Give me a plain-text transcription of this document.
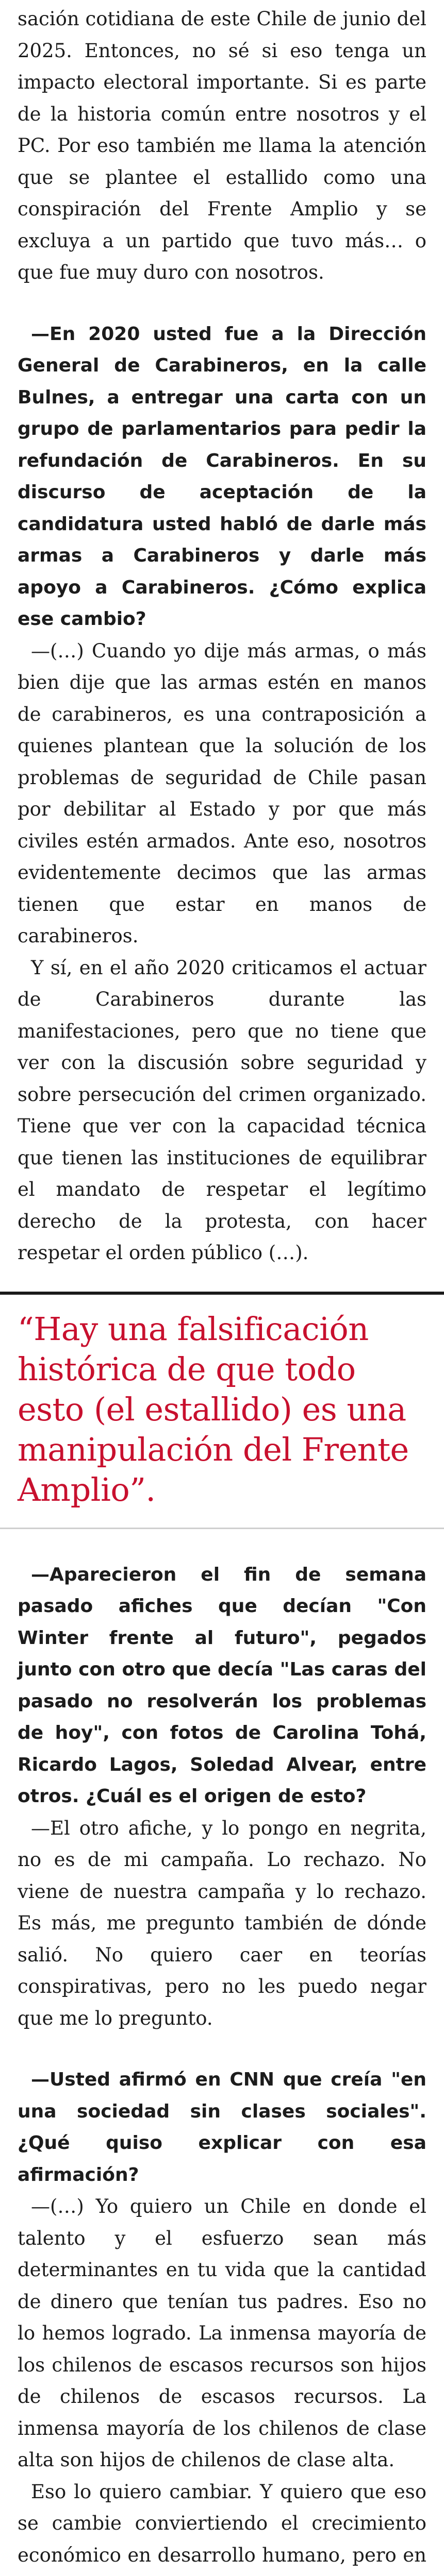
sación cotidiana de este Chile de junio del 2025. Entonces, no sé si eso tenga un impacto electoral importante. Si es parte de la historia común entre nosotros y el PC. Por eso también me llama la atención que se plantee el estallido como una conspiración del Frente Amplio y se excluya a un partido que tuvo más… o que fue muy duro con nosotros.

—En 2020 usted fue a la Dirección General de Carabineros, en la calle Bulnes, a entregar una carta con un grupo de parlamentarios para pedir la refundación de Carabineros. En su discurso de aceptación de la candidatura usted habló de darle más armas a Carabineros y darle más apoyo a Carabineros. ¿Cómo explica ese cambio?

—(…) Cuando yo dije más armas, o más bien dije que las armas estén en manos de carabineros, es una contraposición a quienes plantean que la solución de los problemas de seguridad de Chile pasan por debilitar al Estado y por que más civiles estén armados. Ante eso, nosotros evidentemente decimos que las armas tienen que estar en manos de carabineros.

Y sí, en el año 2020 criticamos el actuar de Carabineros durante las manifestaciones, pero que no tiene que ver con la discusión sobre seguridad y sobre persecución del crimen organizado. Tiene que ver con la capacidad técnica que tienen las instituciones de equilibrar el mandato de respetar el legítimo derecho de la protesta, con hacer respetar el orden público (…).

“Hay una falsificación histórica de que todo esto (el estallido) es una manipulación del Frente Amplio”.

—Aparecieron el fin de semana pasado afiches que decían "Con Winter frente al futuro", pegados junto con otro que decía "Las caras del pasado no resolverán los problemas de hoy", con fotos de Carolina Tohá, Ricardo Lagos, Soledad Alvear, entre otros. ¿Cuál es el origen de esto?

—El otro afiche, y lo pongo en negrita, no es de mi campaña. Lo rechazo. No viene de nuestra campaña y lo rechazo. Es más, me pregunto también de dónde salió. No quiero caer en teorías conspirativas, pero no les puedo negar que me lo pregunto.

—Usted afirmó en CNN que creía "en una sociedad sin clases sociales". ¿Qué quiso explicar con esa afirmación?

—(…) Yo quiero un Chile en donde el talento y el esfuerzo sean más determinantes en tu vida que la cantidad de dinero que tenían tus padres. Eso no lo hemos logrado. La inmensa mayoría de los chilenos de escasos recursos son hijos de chilenos de escasos recursos. La inmensa mayoría de los chilenos de clase alta son hijos de chilenos de clase alta.

Eso lo quiero cambiar. Y quiero que eso se cambie conviertiendo el crecimiento económico en desarrollo humano, pero en
